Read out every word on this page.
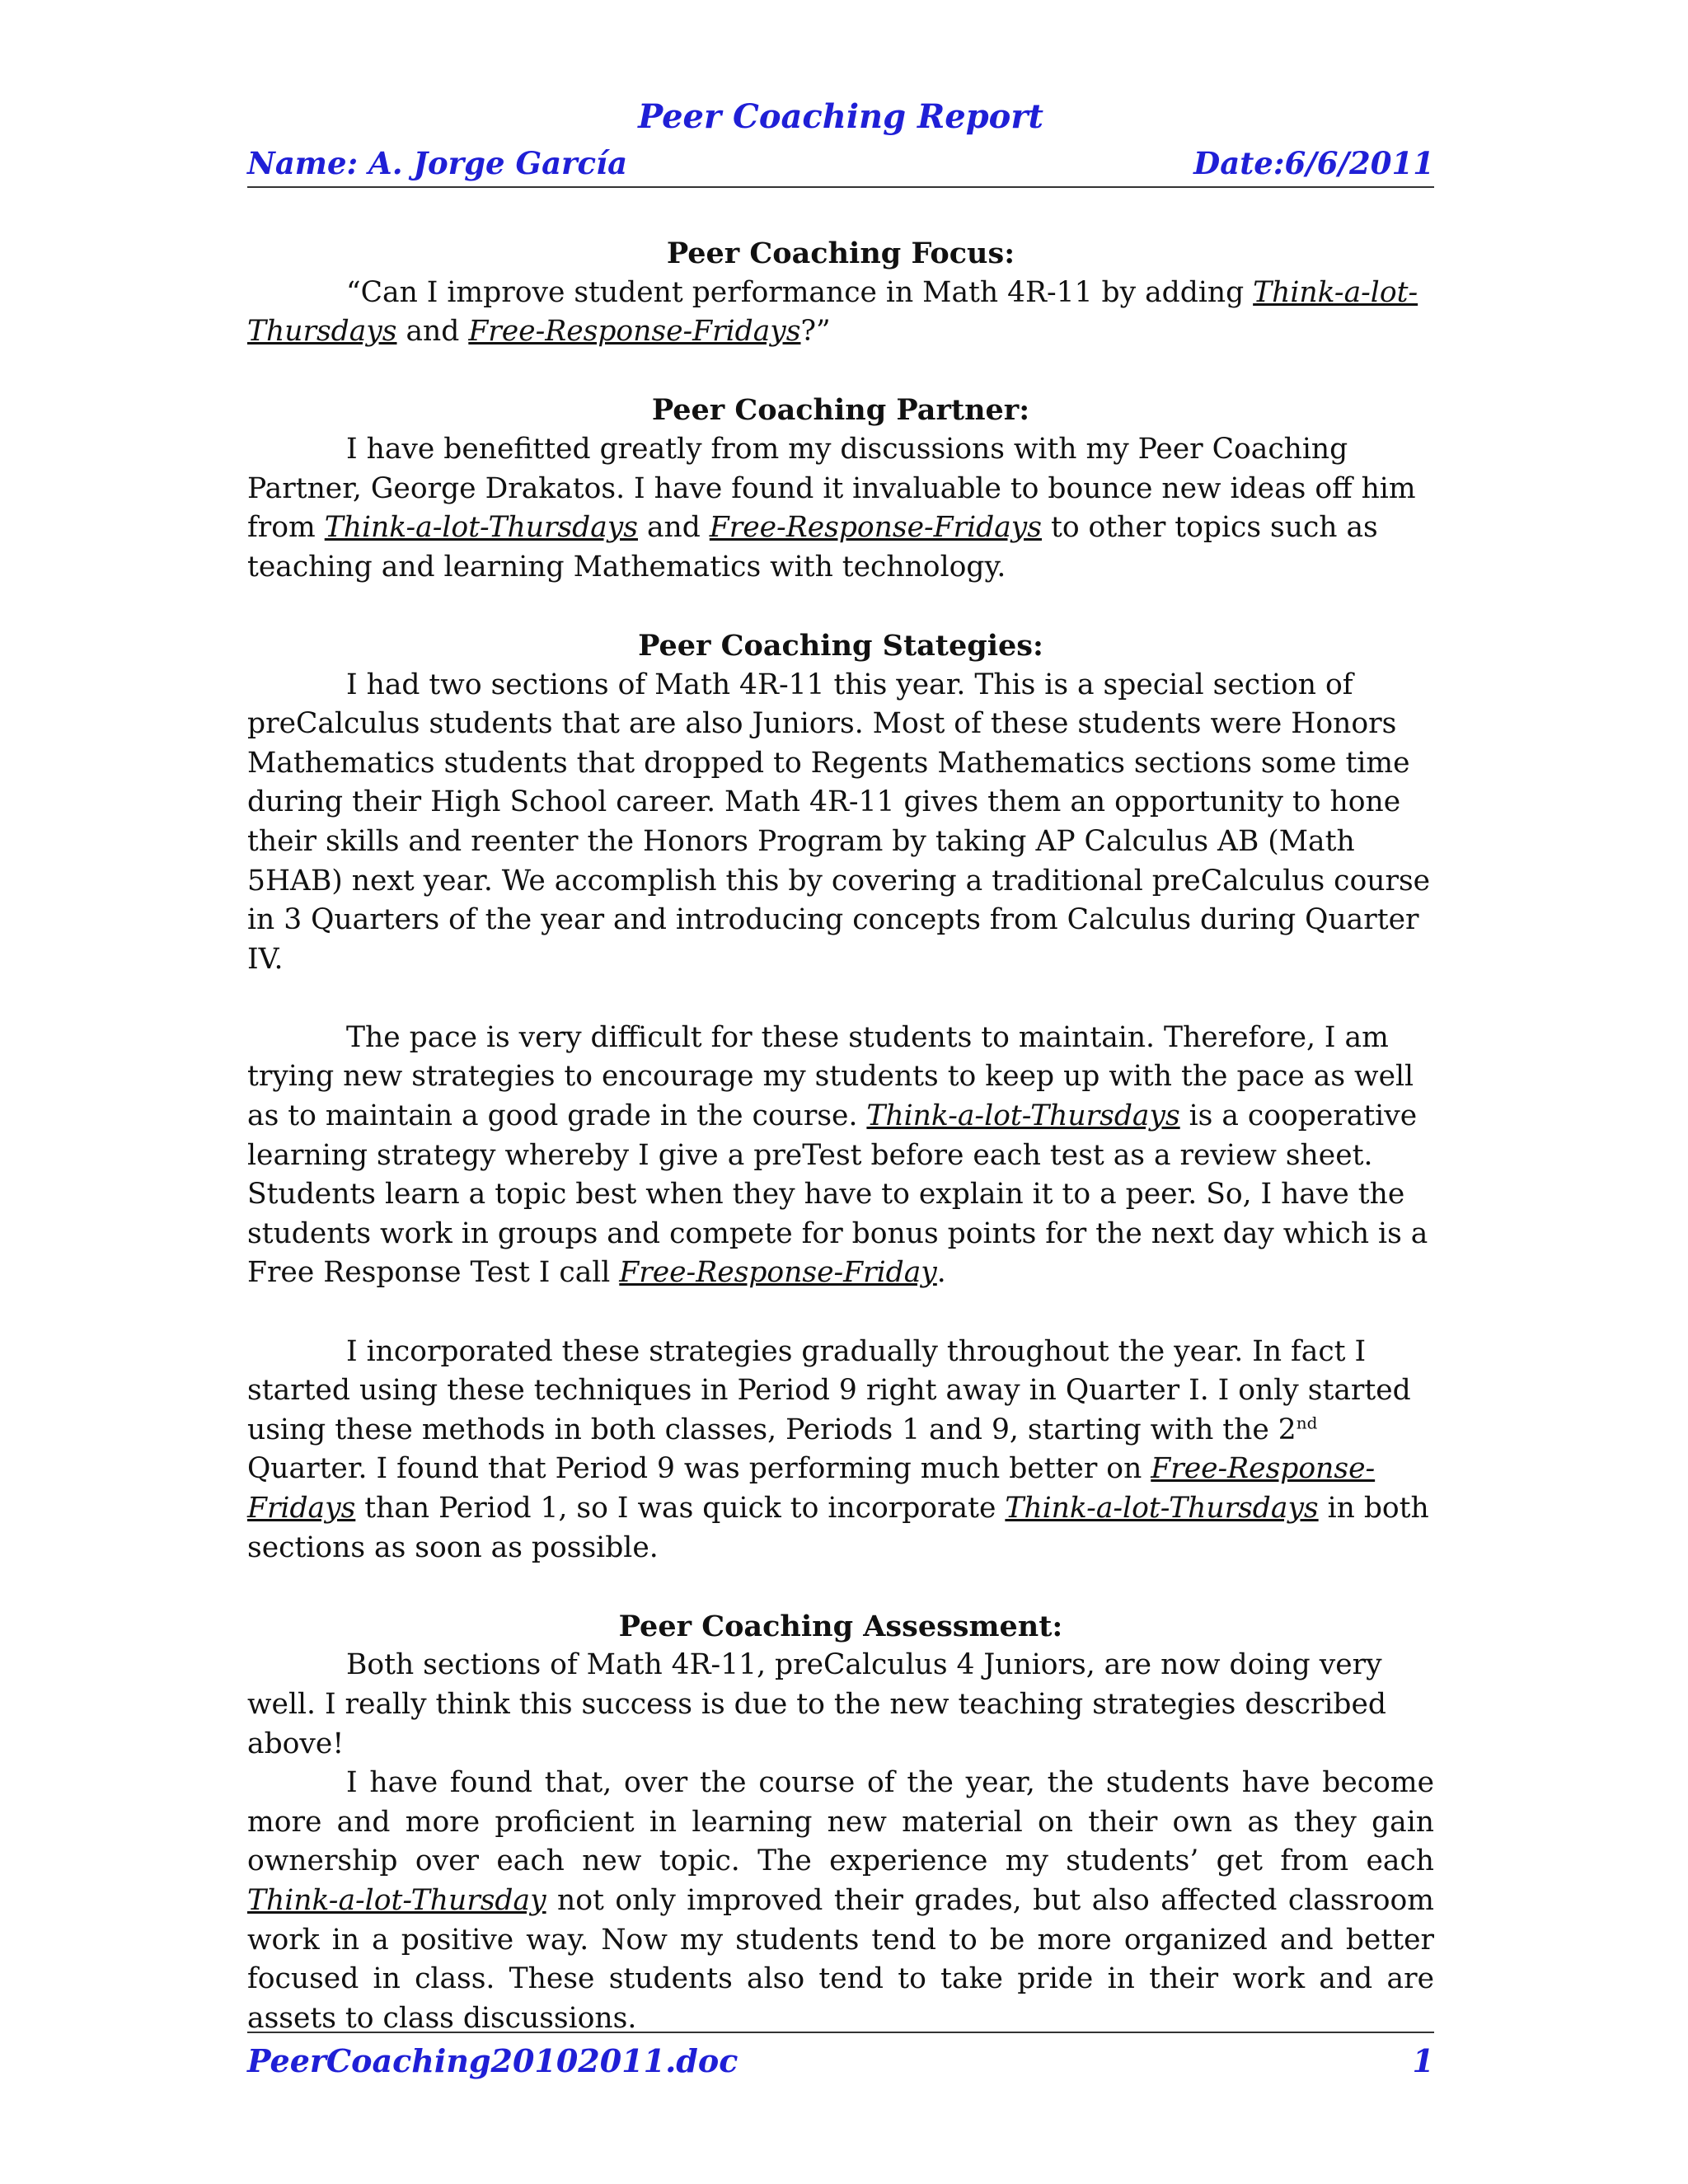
Peer Coaching Report
Name: A. Jorge García	Date:6/6/2011
Peer Coaching Focus:

“Can I improve student performance in Math 4R-11 by adding Think-a-lot-Thursdays and Free-Response-Fridays?”

Peer Coaching Partner:

I have benefitted greatly from my discussions with my Peer Coaching Partner, George Drakatos. I have found it invaluable to bounce new ideas off him from Think-a-lot-Thursdays and Free-Response-Fridays to other topics such as teaching and learning Mathematics with technology.

Peer Coaching Stategies:

I had two sections of Math 4R-11 this year. This is a special section of preCalculus students that are also Juniors. Most of these students were Honors Mathematics students that dropped to Regents Mathematics sections some time during their High School career. Math 4R-11 gives them an opportunity to hone their skills and reenter the Honors Program by taking AP Calculus AB (Math 5HAB) next year. We accomplish this by covering a traditional preCalculus course in 3 Quarters of the year and introducing concepts from Calculus during Quarter IV.

The pace is very difficult for these students to maintain. Therefore, I am trying new strategies to encourage my students to keep up with the pace as well as to maintain a good grade in the course. Think-a-lot-Thursdays is a cooperative learning strategy whereby I give a preTest before each test as a review sheet. Students learn a topic best when they have to explain it to a peer. So, I have the students work in groups and compete for bonus points for the next day which is a Free Response Test I call Free-Response-Friday.

I incorporated these strategies gradually throughout the year. In fact I started using these techniques in Period 9 right away in Quarter I. I only started using these methods in both classes, Periods 1 and 9, starting with the 2nd Quarter. I found that Period 9 was performing much better on Free-Response-Fridays than Period 1, so I was quick to incorporate Think-a-lot-Thursdays in both sections as soon as possible.

Peer Coaching Assessment:

Both sections of Math 4R-11, preCalculus 4 Juniors, are now doing very well. I really think this success is due to the new teaching strategies described above!

I have found that, over the course of the year, the students have become more and more proficient in learning new material on their own as they gain ownership over each new topic. The experience my students’ get from each Think-a-lot-Thursday not only improved their grades, but also affected classroom work in a positive way. Now my students tend to be more organized and better focused in class. These students also tend to take pride in their work and are assets to class discussions.

PeerCoaching20102011.doc	1
